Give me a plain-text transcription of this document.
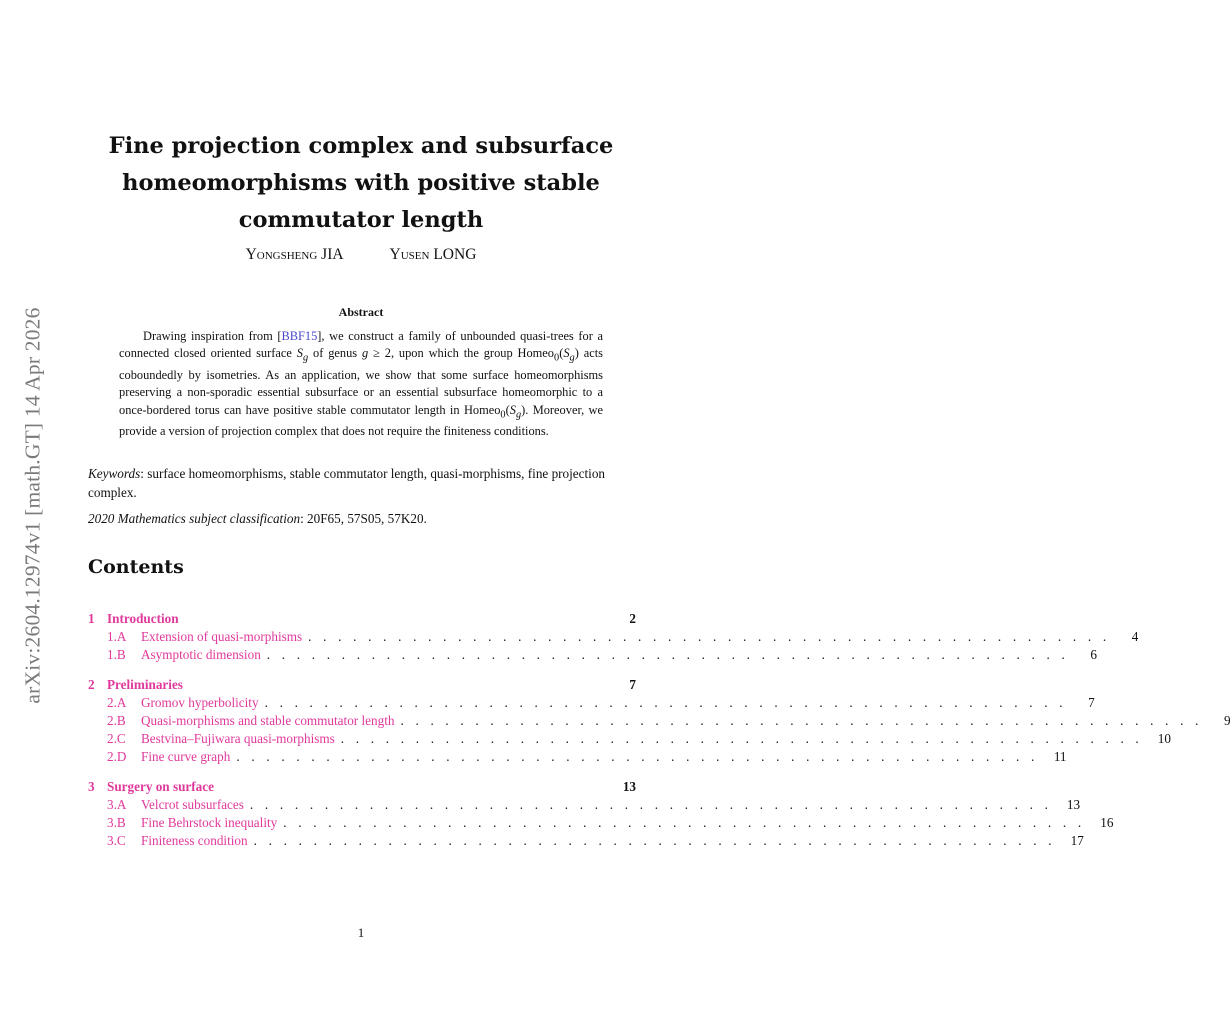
arXiv:2604.12974v1 [math.GT] 14 Apr 2026
Fine projection complex and subsurface
homeomorphisms with positive stable
commutator length
Yongsheng JIA	Yusen LONG
Abstract
Drawing inspiration from [BBF15], we construct a family of unbounded quasi-trees for a connected closed oriented surface $S_g$ of genus g ≥ 2, upon which the group $Homeo_0(S_g)$ acts coboundedly by isometries. As an application, we show that some surface homeomorphisms preserving a non-sporadic essential subsurface or an essential subsurface homeomorphic to a once-bordered torus can have positive stable commutator length in $Homeo_0(S_g)$. Moreover, we provide a version of projection complex that does not require the finiteness conditions.
Keywords: surface homeomorphisms, stable commutator length, quasi-morphisms, fine projection complex.
2020 Mathematics subject classification: 20F65, 57S05, 57K20.
Contents
1 Introduction	2
1.A	Extension of quasi-morphisms . . . . . . . . . . . . . . . . . . . . . . . . . . . . . . . . . . . . . . . . . . . . . . . . . . . . . .	4
1.B	Asymptotic dimension . . . . . . . . . . . . . . . . . . . . . . . . . . . . . . . . . . . . . . . . . . . . . . . . . . . . . .	6
2 Preliminaries	7
2.A	Gromov hyperbolicity . . . . . . . . . . . . . . . . . . . . . . . . . . . . . . . . . . . . . . . . . . . . . . . . . . . . . .	7
2.B	Quasi-morphisms and stable commutator length . . . . . . . . . . . . . . . . . . . . . . . . . . . . . . . . . . . . . . . . . . . . . . . . . . . . . .	9
2.C	Bestvina–Fujiwara quasi-morphisms . . . . . . . . . . . . . . . . . . . . . . . . . . . . . . . . . . . . . . . . . . . . . . . . . . . . . .	10
2.D	Fine curve graph . . . . . . . . . . . . . . . . . . . . . . . . . . . . . . . . . . . . . . . . . . . . . . . . . . . . . .	11
3 Surgery on surface	13
3.A	Velcrot subsurfaces . . . . . . . . . . . . . . . . . . . . . . . . . . . . . . . . . . . . . . . . . . . . . . . . . . . . . .	13
3.B	Fine Behrstock inequality . . . . . . . . . . . . . . . . . . . . . . . . . . . . . . . . . . . . . . . . . . . . . . . . . . . . . .	16
3.C	Finiteness condition . . . . . . . . . . . . . . . . . . . . . . . . . . . . . . . . . . . . . . . . . . . . . . . . . . . . . .	17
1
